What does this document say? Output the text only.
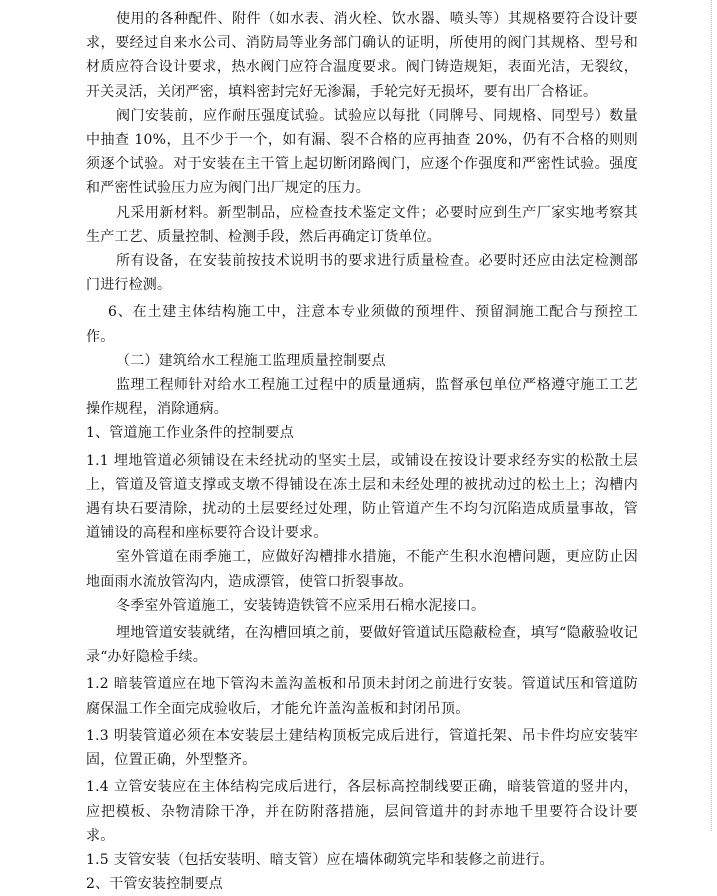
使用的各种配件、附件（如水表、消火栓、饮水器、喷头等）其规格要符合设计要求，要经过自来水公司、消防局等业务部门确认的证明，所使用的阀门其规格、型号和材质应符合设计要求，热水阀门应符合温度要求。阀门铸造规矩，表面光洁，无裂纹，开关灵活，关闭严密，填料密封完好无渗漏，手轮完好无损坏，要有出厂合格证。

阀门安装前，应作耐压强度试验。试验应以每批（同牌号、同规格、同型号）数量中抽查 10%，且不少于一个，如有漏、裂不合格的应再抽查 20%，仍有不合格的则则须逐个试验。对于安装在主干管上起切断闭路阀门，应逐个作强度和严密性试验。强度和严密性试验压力应为阀门出厂规定的压力。

凡采用新材料。新型制品，应检查技术鉴定文件；必要时应到生产厂家实地考察其生产工艺、质量控制、检测手段，然后再确定订货单位。

所有设备，在安装前按技术说明书的要求进行质量检查。必要时还应由法定检测部门进行检测。

6、在土建主体结构施工中，注意本专业须做的预埋件、预留洞施工配合与预控工作。

（二）建筑给水工程施工监理质量控制要点

监理工程师针对给水工程施工过程中的质量通病，监督承包单位严格遵守施工工艺操作规程，消除通病。

1、管道施工作业条件的控制要点

1.1 埋地管道必须铺设在未经扰动的坚实土层，或铺设在按设计要求经夯实的松散土层上，管道及管道支撑或支墩不得铺设在冻土层和未经处理的被扰动过的松土上；沟槽内遇有块石要清除，扰动的土层要经过处理，防止管道产生不均匀沉陷造成质量事故，管道铺设的高程和座标要符合设计要求。

室外管道在雨季施工，应做好沟槽排水措施，不能产生积水泡槽问题，更应防止因地面雨水流放管沟内，造成漂管，使管口折裂事故。

冬季室外管道施工，安装铸造铁管不应采用石棉水泥接口。

埋地管道安装就绪，在沟槽回填之前，要做好管道试压隐蔽检查，填写“隐蔽验收记录“办好隐检手续。

1.2 暗装管道应在地下管沟未盖沟盖板和吊顶未封闭之前进行安装。管道试压和管道防腐保温工作全面完成验收后，才能允许盖沟盖板和封闭吊顶。

1.3 明装管道必须在本安装层土建结构顶板完成后进行，管道托架、吊卡件均应安装牢固，位置正确，外型整齐。

1.4 立管安装应在主体结构完成后进行，各层标高控制线要正确，暗装管道的竖井内，应把模板、杂物清除干净，并在防附落措施，层间管道井的封赤地千里要符合设计要求。

1.5 支管安装（包括安装明、暗支管）应在墙体砌筑完毕和装修之前进行。

2、干管安装控制要点
